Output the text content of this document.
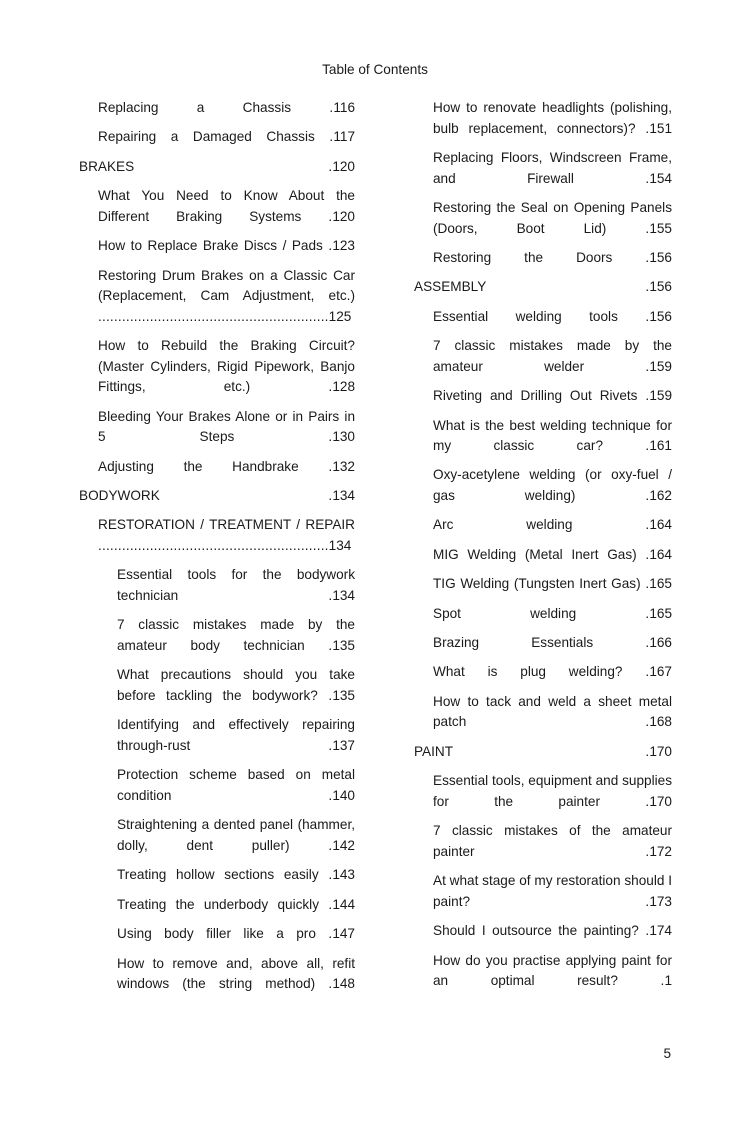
Table of Contents
Replacing a Chassis	.116
Repairing a Damaged Chassis .117
BRAKES	.120
What You Need to Know About the Different Braking Systems .120
How to Replace Brake Discs / Pads .123
Restoring Drum Brakes on a Classic Car (Replacement, Cam Adjustment, etc.) ..........................................................125
How to Rebuild the Braking Circuit? (Master Cylinders, Rigid Pipework, Banjo Fittings, etc.)	.128
Bleeding Your Brakes Alone or in Pairs in 5 Steps	.130
Adjusting the Handbrake .132
BODYWORK	.134
RESTORATION / TREATMENT / REPAIR ..........................................................134
Essential tools for the bodywork technician	.134
7 classic mistakes made by the amateur body technician .135
What precautions should you take before tackling the bodywork? .135
Identifying and effectively repairing through-rust	.137
Protection scheme based on metal condition	.140
Straightening a dented panel (hammer, dolly, dent puller)	.142
Treating hollow sections easily .143
Treating the underbody quickly .144
Using body filler like a pro .147
How to remove and, above all, refit windows (the string method) .148
How to renovate headlights (polishing, bulb replacement, connectors)? .151
Replacing Floors, Windscreen Frame, and Firewall	.154
Restoring the Seal on Opening Panels (Doors, Boot Lid)	.155
Restoring the Doors .156
ASSEMBLY	.156
Essential welding tools .156
7 classic mistakes made by the amateur welder	.159
Riveting and Drilling Out Rivets .159
What is the best welding technique for my classic car?	.161
Oxy-acetylene welding (or oxy-fuel / gas welding)	.162
Arc welding	.164
MIG Welding (Metal Inert Gas) .164
TIG Welding (Tungsten Inert Gas) .165
Spot welding	.165
Brazing Essentials	.166
What is plug welding? .167
How to tack and weld a sheet metal patch	.168
PAINT	.170
Essential tools, equipment and supplies for the painter	.170
7 classic mistakes of the amateur painter	.172
At what stage of my restoration should I paint?	.173
Should I outsource the painting? .174
How do you practise applying paint for an optimal result?	.1
5
